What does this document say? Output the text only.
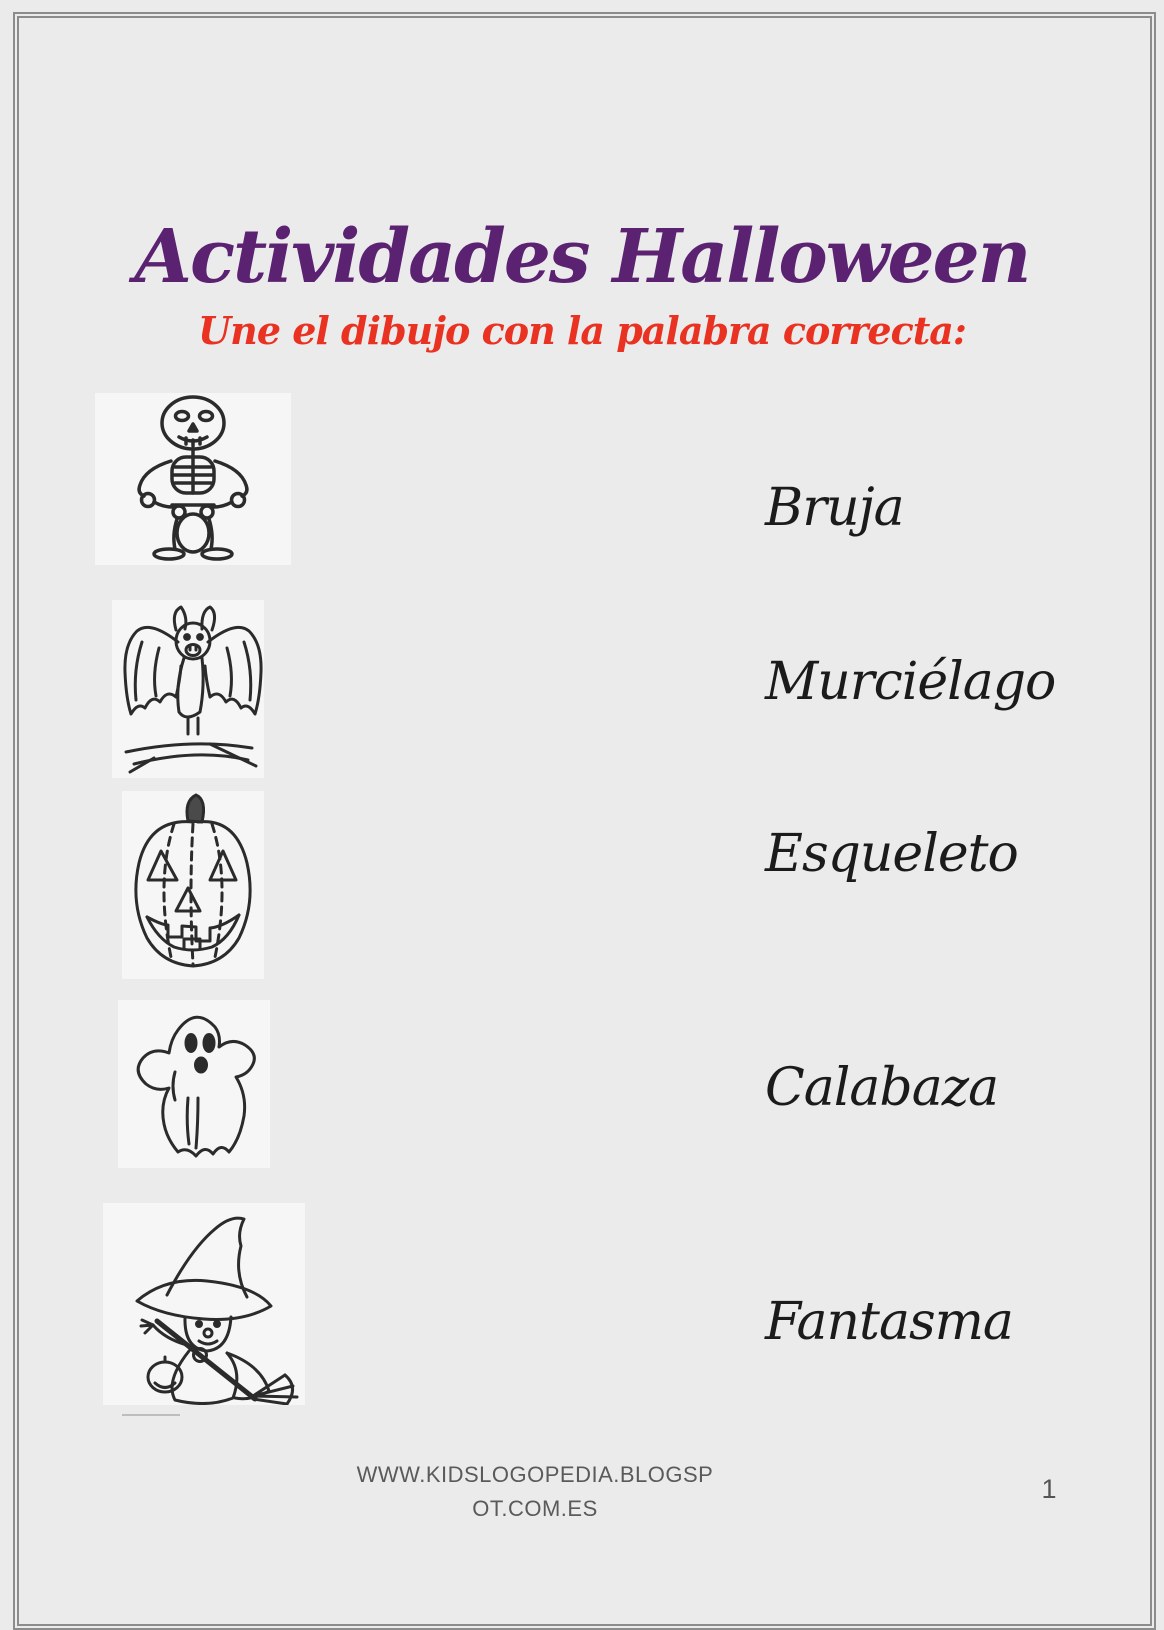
Actividades Halloween
Une el dibujo con la palabra correcta:
Bruja
Murciélago
Esqueleto
Calabaza
Fantasma
WWW.KIDSLOGOPEDIA.BLOGSP
OT.COM.ES
1
